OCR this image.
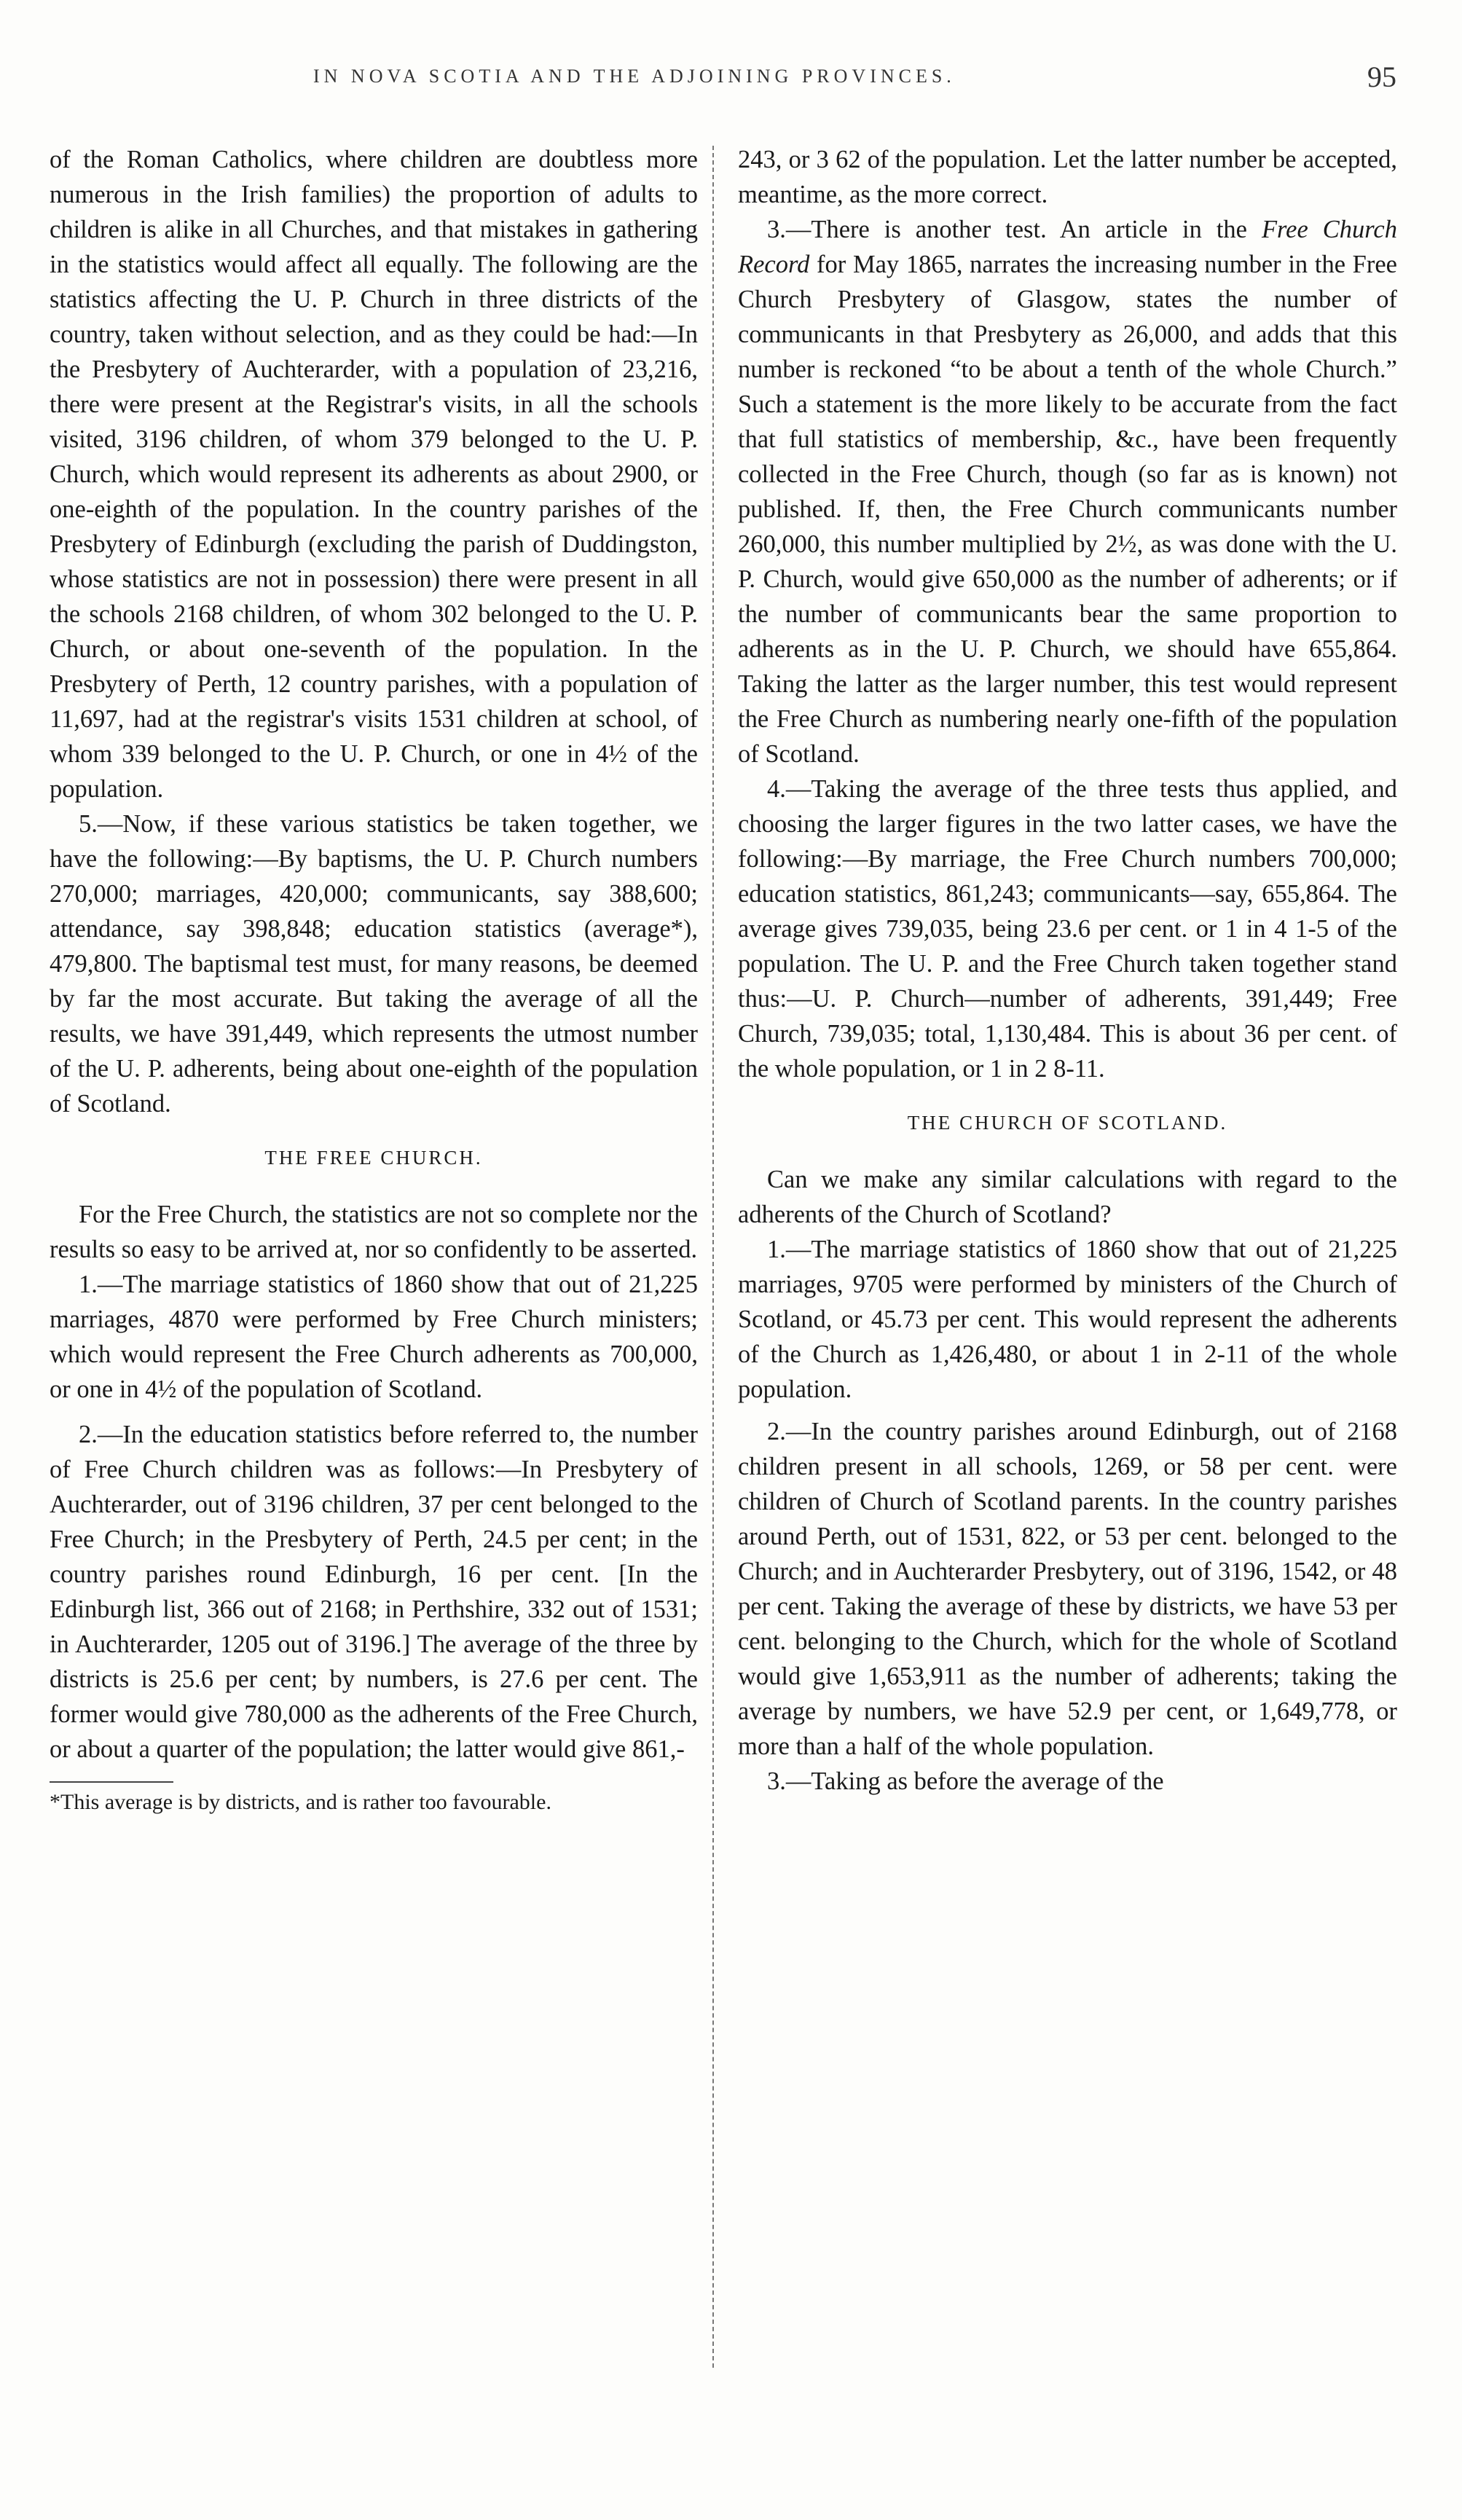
IN NOVA SCOTIA AND THE ADJOINING PROVINCES.	95

of the Roman Catholics, where children are doubtless more numerous in the Irish families) the proportion of adults to children is alike in all Churches, and that mistakes in gathering in the statistics would affect all equally. The following are the statistics affecting the U. P. Church in three districts of the country, taken without selection, and as they could be had:—In the Presbytery of Auchterarder, with a population of 23,216, there were present at the Registrar's visits, in all the schools visited, 3196 children, of whom 379 belonged to the U. P. Church, which would represent its adherents as about 2900, or one-eighth of the population. In the country parishes of the Presbytery of Edinburgh (excluding the parish of Duddingston, whose statistics are not in possession) there were present in all the schools 2168 children, of whom 302 belonged to the U. P. Church, or about one-seventh of the population. In the Presbytery of Perth, 12 country parishes, with a population of 11,697, had at the registrar's visits 1531 children at school, of whom 339 belonged to the U. P. Church, or one in 4½ of the population.

5.—Now, if these various statistics be taken together, we have the following:—By baptisms, the U. P. Church numbers 270,000; marriages, 420,000; communicants, say 388,600; attendance, say 398,848; education statistics (average*), 479,800. The baptismal test must, for many reasons, be deemed by far the most accurate. But taking the average of all the results, we have 391,449, which represents the utmost number of the U. P. adherents, being about one-eighth of the population of Scotland.

THE FREE CHURCH.

For the Free Church, the statistics are not so complete nor the results so easy to be arrived at, nor so confidently to be asserted.

1.—The marriage statistics of 1860 show that out of 21,225 marriages, 4870 were performed by Free Church ministers; which would represent the Free Church adherents as 700,000, or one in 4½ of the population of Scotland.

2.—In the education statistics before referred to, the number of Free Church children was as follows:—In Presbytery of Auchterarder, out of 3196 children, 37 per cent belonged to the Free Church; in the Presbytery of Perth, 24.5 per cent; in the country parishes round Edinburgh, 16 per cent. [In the Edinburgh list, 366 out of 2168; in Perthshire, 332 out of 1531; in Auchterarder, 1205 out of 3196.] The average of the three by districts is 25.6 per cent; by numbers, is 27.6 per cent. The former would give 780,000 as the adherents of the Free Church, or about a quarter of the population; the latter would give 861,-

*This average is by districts, and is rather too favourable.

243, or 3 62 of the population. Let the latter number be accepted, meantime, as the more correct.

3.—There is another test. An article in the Free Church Record for May 1865, narrates the increasing number in the Free Church Presbytery of Glasgow, states the number of communicants in that Presbytery as 26,000, and adds that this number is reckoned “to be about a tenth of the whole Church.” Such a statement is the more likely to be accurate from the fact that full statistics of membership, &c., have been frequently collected in the Free Church, though (so far as is known) not published. If, then, the Free Church communicants number 260,000, this number multiplied by 2½, as was done with the U. P. Church, would give 650,000 as the number of adherents; or if the number of communicants bear the same proportion to adherents as in the U. P. Church, we should have 655,864. Taking the latter as the larger number, this test would represent the Free Church as numbering nearly one-fifth of the population of Scotland.

4.—Taking the average of the three tests thus applied, and choosing the larger figures in the two latter cases, we have the following:—By marriage, the Free Church numbers 700,000; education statistics, 861,243; communicants—say, 655,864. The average gives 739,035, being 23.6 per cent. or 1 in 4 1-5 of the population. The U. P. and the Free Church taken together stand thus:—U. P. Church—number of adherents, 391,449; Free Church, 739,035; total, 1,130,484. This is about 36 per cent. of the whole population, or 1 in 2 8-11.

THE CHURCH OF SCOTLAND.

Can we make any similar calculations with regard to the adherents of the Church of Scotland?

1.—The marriage statistics of 1860 show that out of 21,225 marriages, 9705 were performed by ministers of the Church of Scotland, or 45.73 per cent. This would represent the adherents of the Church as 1,426,480, or about 1 in 2-11 of the whole population.

2.—In the country parishes around Edinburgh, out of 2168 children present in all schools, 1269, or 58 per cent. were children of Church of Scotland parents. In the country parishes around Perth, out of 1531, 822, or 53 per cent. belonged to the Church; and in Auchterarder Presbytery, out of 3196, 1542, or 48 per cent. Taking the average of these by districts, we have 53 per cent. belonging to the Church, which for the whole of Scotland would give 1,653,911 as the number of adherents; taking the average by numbers, we have 52.9 per cent, or 1,649,778, or more than a half of the whole population.

3.—Taking as before the average of the
